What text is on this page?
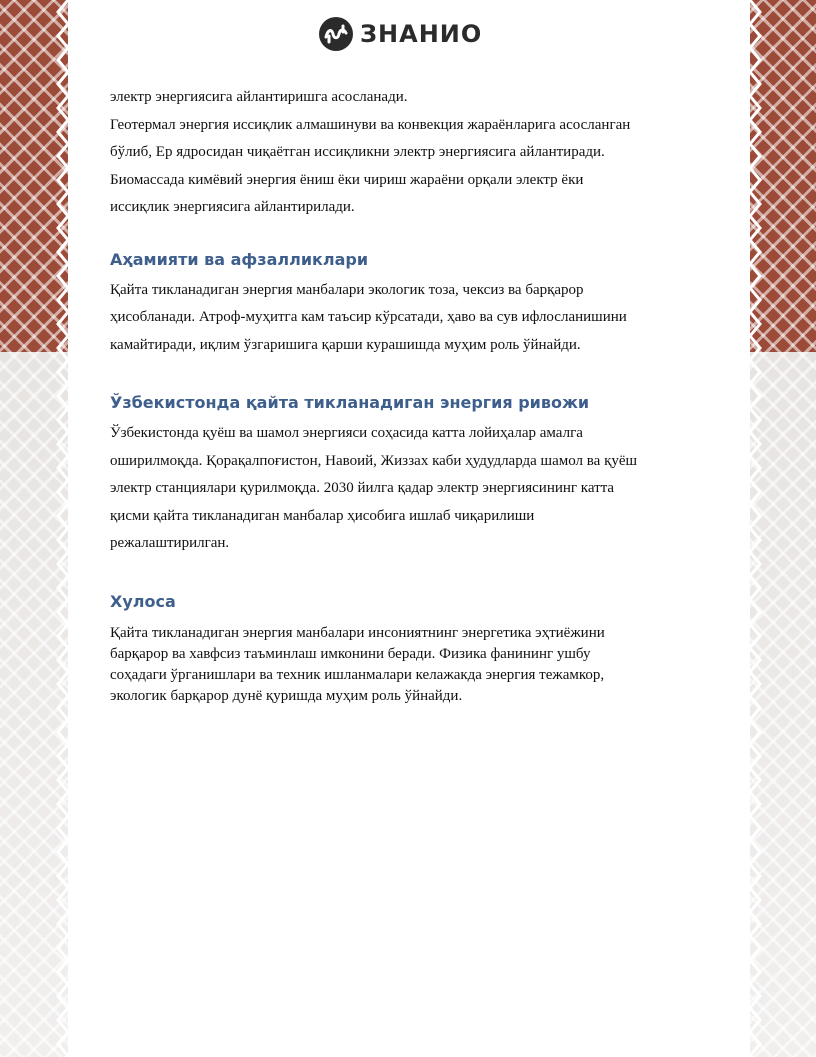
ЗНАНИО

электр энергиясига айлантиришга асосланади.

Геотермал энергия иссиқлик алмашинуви ва конвекция жараёнларига асосланган

бўлиб, Ер ядросидан чиқаётган иссиқликни электр энергиясига айлантиради.

Биомассада кимёвий энергия ёниш ёки чириш жараёни орқали электр ёки

иссиқлик энергиясига айлантирилади.

Аҳамияти ва афзалликлари

Қайта тикланадиган энергия манбалари экологик тоза, чексиз ва барқарор

ҳисобланади. Атроф-муҳитга кам таъсир кўрсатади, ҳаво ва сув ифлосланишини

камайтиради, иқлим ўзгаришига қарши курашишда муҳим роль ўйнайди.

Ўзбекистонда қайта тикланадиган энергия ривожи

Ўзбекистонда қуёш ва шамол энергияси соҳасида катта лойиҳалар амалга

оширилмоқда. Қорақалпоғистон, Навоий, Жиззах каби ҳудудларда шамол ва қуёш

электр станциялари қурилмоқда. 2030 йилга қадар электр энергиясининг катта

қисми қайта тикланадиган манбалар ҳисобига ишлаб чиқарилиши

режалаштирилган.

Хулоса

Қайта тикланадиган энергия манбалари инсониятнинг энергетика эҳтиёжини

барқарор ва хавфсиз таъминлаш имконини беради. Физика фанининг ушбу

соҳадаги ўрганишлари ва техник ишланмалари келажакда энергия тежамкор,

экологик барқарор дунё қуришда муҳим роль ўйнайди.
